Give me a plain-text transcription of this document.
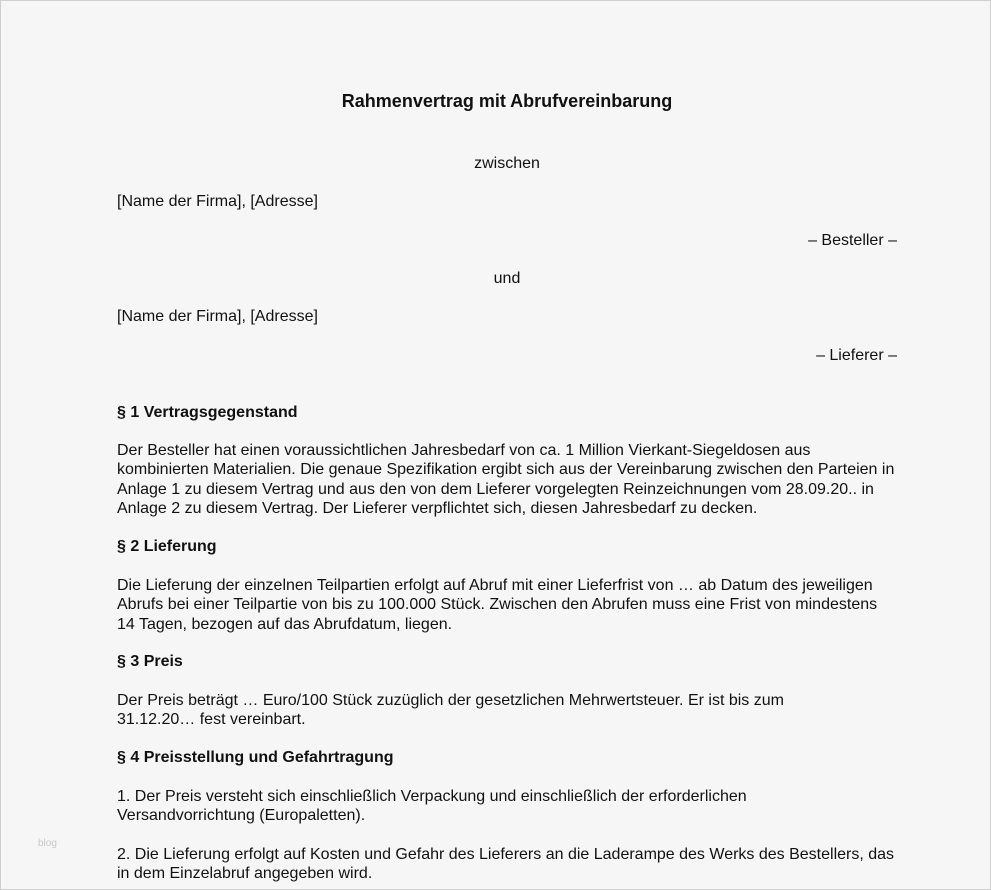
Rahmenvertrag mit Abrufvereinbarung
zwischen
[Name der Firma], [Adresse]
– Besteller –
und
[Name der Firma], [Adresse]
– Lieferer –
§ 1 Vertragsgegenstand
Der Besteller hat einen voraussichtlichen Jahresbedarf von ca. 1 Million Vierkant-Siegeldosen aus kombinierten Materialien. Die genaue Spezifikation ergibt sich aus der Vereinbarung zwischen den Parteien in Anlage 1 zu diesem Vertrag und aus den von dem Lieferer vorgelegten Reinzeichnungen vom 28.09.20.. in Anlage 2 zu diesem Vertrag. Der Lieferer verpflichtet sich, diesen Jahresbedarf zu decken.
§ 2 Lieferung
Die Lieferung der einzelnen Teilpartien erfolgt auf Abruf mit einer Lieferfrist von … ab Datum des jeweiligen Abrufs bei einer Teilpartie von bis zu 100.000 Stück. Zwischen den Abrufen muss eine Frist von mindestens 14 Tagen, bezogen auf das Abrufdatum, liegen.
§ 3 Preis
Der Preis beträgt … Euro/100 Stück zuzüglich der gesetzlichen Mehrwertsteuer. Er ist bis zum 31.12.20… fest vereinbart.
§ 4 Preisstellung und Gefahrtragung
1. Der Preis versteht sich einschließlich Verpackung und einschließlich der erforderlichen Versandvorrichtung (Europaletten).
2. Die Lieferung erfolgt auf Kosten und Gefahr des Lieferers an die Laderampe des Werks des Bestellers, das in dem Einzelabruf angegeben wird.
blog
